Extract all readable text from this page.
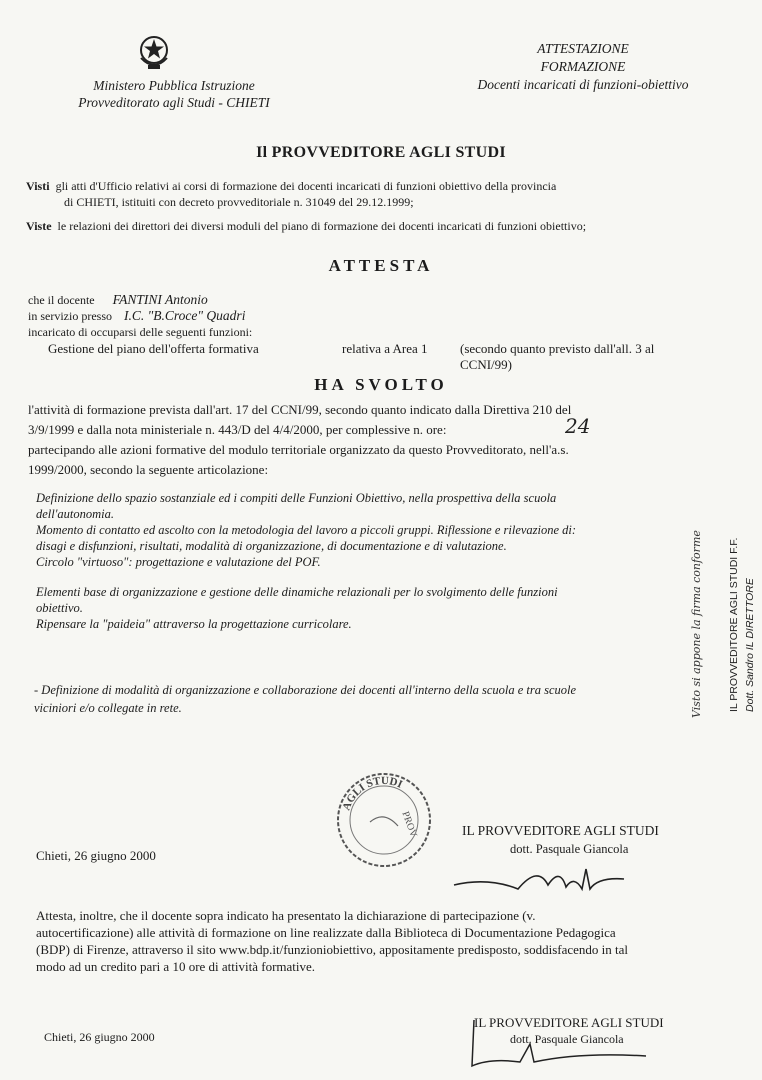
Ministero Pubblica Istruzione
Provveditorato agli Studi - CHIETI
ATTESTAZIONE
FORMAZIONE
Docenti incaricati di funzioni-obiettivo
Il PROVVEDITORE AGLI STUDI
Visti gli atti d'Ufficio relativi ai corsi di formazione dei docenti incaricati di funzioni obiettivo della provincia
di CHIETI, istituiti con decreto provveditoriale n. 31049 del 29.12.1999;
Viste le relazioni dei direttori dei diversi moduli del piano di formazione dei docenti incaricati di funzioni obiettivo;
ATTESTA
che il docente FANTINI Antonio
in servizio presso I.C. "B.Croce" Quadri
incaricato di occuparsi delle seguenti funzioni:
Gestione del piano dell'offerta formativa	relativa a Area 1 (secondo quanto previsto dall'all. 3 al
CCNI/99)
HA SVOLTO
l'attività di formazione prevista dall'art. 17 del CCNI/99, secondo quanto indicato dalla Direttiva 210 del
3/9/1999 e dalla nota ministeriale n. 443/D del 4/4/2000, per complessive n. ore:
partecipando alle azioni formative del modulo territoriale organizzato da questo Provveditorato, nell'a.s.
1999/2000, secondo la seguente articolazione:
24
Definizione dello spazio sostanziale ed i compiti delle Funzioni Obiettivo, nella prospettiva della scuola
dell'autonomia.
Momento di contatto ed ascolto con la metodologia del lavoro a piccoli gruppi. Riflessione e rilevazione di:
disagi e disfunzioni, risultati, modalità di organizzazione, di documentazione e di valutazione.
Circolo "virtuoso": progettazione e valutazione del POF.
Elementi base di organizzazione e gestione delle dinamiche relazionali per lo svolgimento delle funzioni
obiettivo.
Ripensare la "paideia" attraverso la progettazione curricolare.
- Definizione di modalità di organizzazione e collaborazione dei docenti all'interno della scuola e tra scuole
viciniori e/o collegate in rete.
AGLI STUDI
PROV
Chieti, 26 giugno 2000
IL PROVVEDITORE AGLI STUDI
dott. Pasquale Giancola
Attesta, inoltre, che il docente sopra indicato ha presentato la dichiarazione di partecipazione (v.
autocertificazione) alle attività di formazione on line realizzate dalla Biblioteca di Documentazione Pedagogica
(BDP) di Firenze, attraverso il sito www.bdp.it/funzioniobiettivo, appositamente predisposto, soddisfacendo in tal
modo ad un credito pari a 10 ore di attività formative.
Chieti, 26 giugno 2000
IL PROVVEDITORE AGLI STUDI
dott. Pasquale Giancola
Visto si appone la firma conforme IL PROVVEDITORE AGLI STUDI F.F. Dott. Sandro IL DIRETTORE
